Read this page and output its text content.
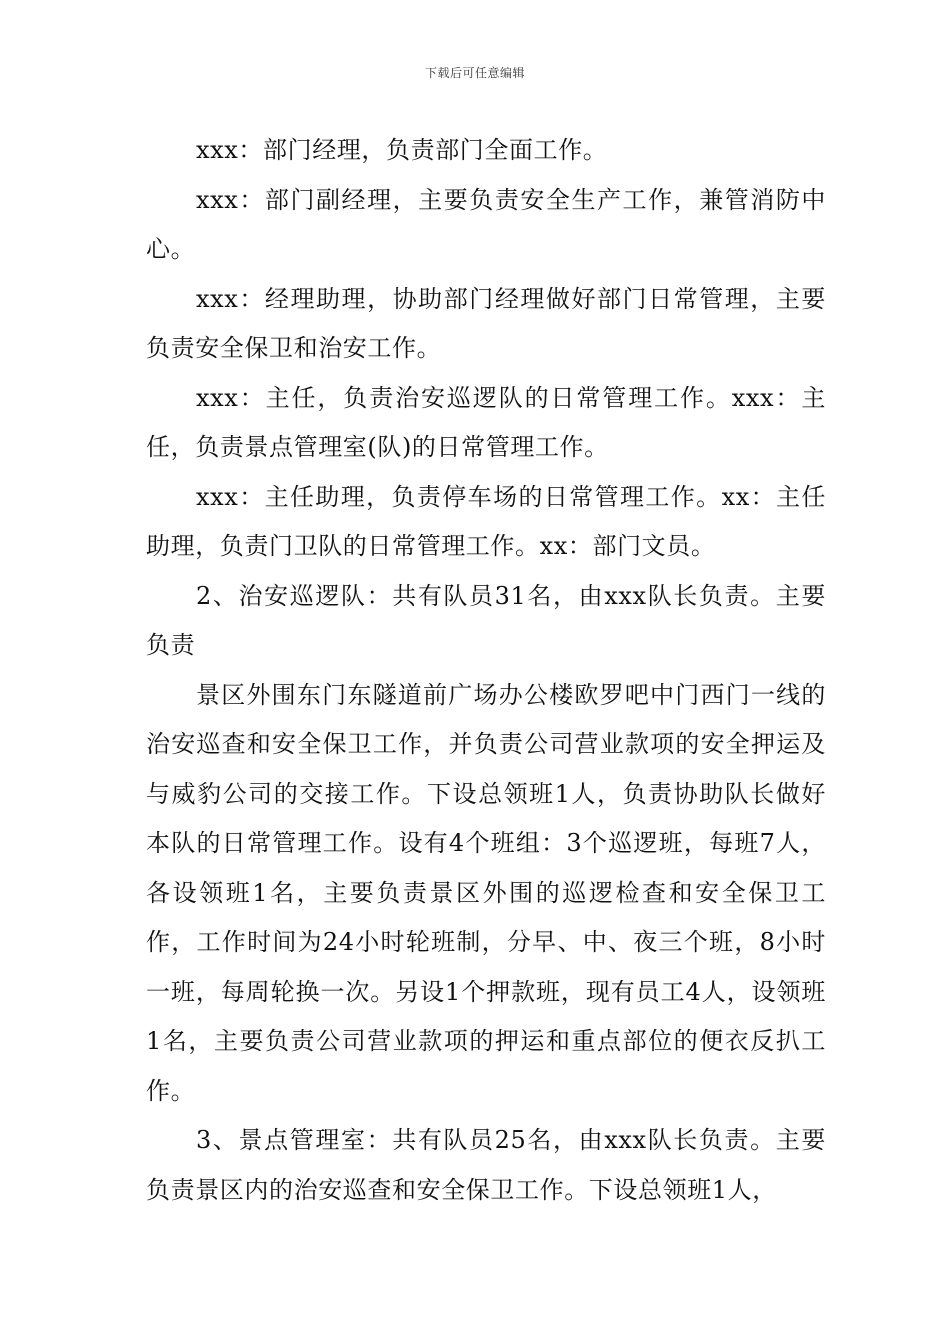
下载后可任意编辑

xxx：部门经理，负责部门全面工作。

xxx：部门副经理，主要负责安全生产工作，兼管消防中心。

xxx：经理助理，协助部门经理做好部门日常管理，主要负责安全保卫和治安工作。

xxx：主任，负责治安巡逻队的日常管理工作。xxx：主任，负责景点管理室(队)的日常管理工作。

xxx：主任助理，负责停车场的日常管理工作。xx：主任助理，负责门卫队的日常管理工作。xx：部门文员。

2、治安巡逻队：共有队员31名，由xxx队长负责。主要负责

景区外围东门东隧道前广场办公楼欧罗吧中门西门一线的治安巡查和安全保卫工作，并负责公司营业款项的安全押运及与威豹公司的交接工作。下设总领班1人，负责协助队长做好本队的日常管理工作。设有4个班组：3个巡逻班，每班7人，各设领班1名，主要负责景区外围的巡逻检查和安全保卫工作，工作时间为24小时轮班制，分早、中、夜三个班，8小时一班，每周轮换一次。另设1个押款班，现有员工4人，设领班1名，主要负责公司营业款项的押运和重点部位的便衣反扒工作。

3、景点管理室：共有队员25名，由xxx队长负责。主要负责景区内的治安巡查和安全保卫工作。下设总领班1人，
